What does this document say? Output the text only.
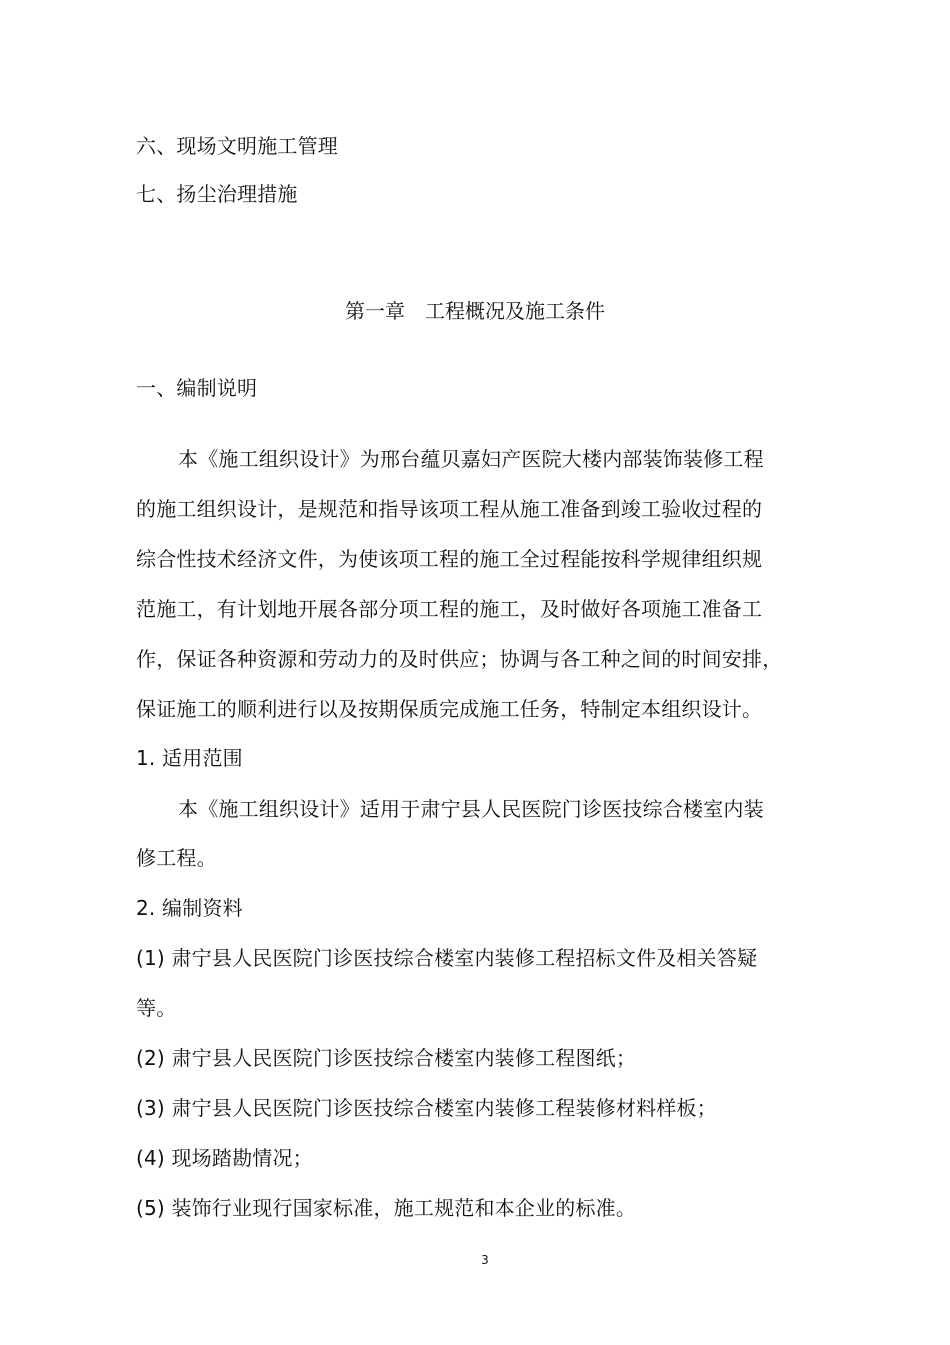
六、现场文明施工管理
七、扬尘治理措施
第一章 工程概况及施工条件
一、编制说明
本《施工组织设计》为邢台蕴贝嘉妇产医院大楼内部装饰装修工程
的施工组织设计，是规范和指导该项工程从施工准备到竣工验收过程的
综合性技术经济文件，为使该项工程的施工全过程能按科学规律组织规
范施工，有计划地开展各部分项工程的施工，及时做好各项施工准备工
作，保证各种资源和劳动力的及时供应；协调与各工种之间的时间安排，
保证施工的顺利进行以及按期保质完成施工任务，特制定本组织设计。
1. 适用范围
本《施工组织设计》适用于肃宁县人民医院门诊医技综合楼室内装
修工程。
2. 编制资料
(1) 肃宁县人民医院门诊医技综合楼室内装修工程招标文件及相关答疑
等。
(2) 肃宁县人民医院门诊医技综合楼室内装修工程图纸；
(3) 肃宁县人民医院门诊医技综合楼室内装修工程装修材料样板；
(4) 现场踏勘情况；
(5) 装饰行业现行国家标准，施工规范和本企业的标准。
3
